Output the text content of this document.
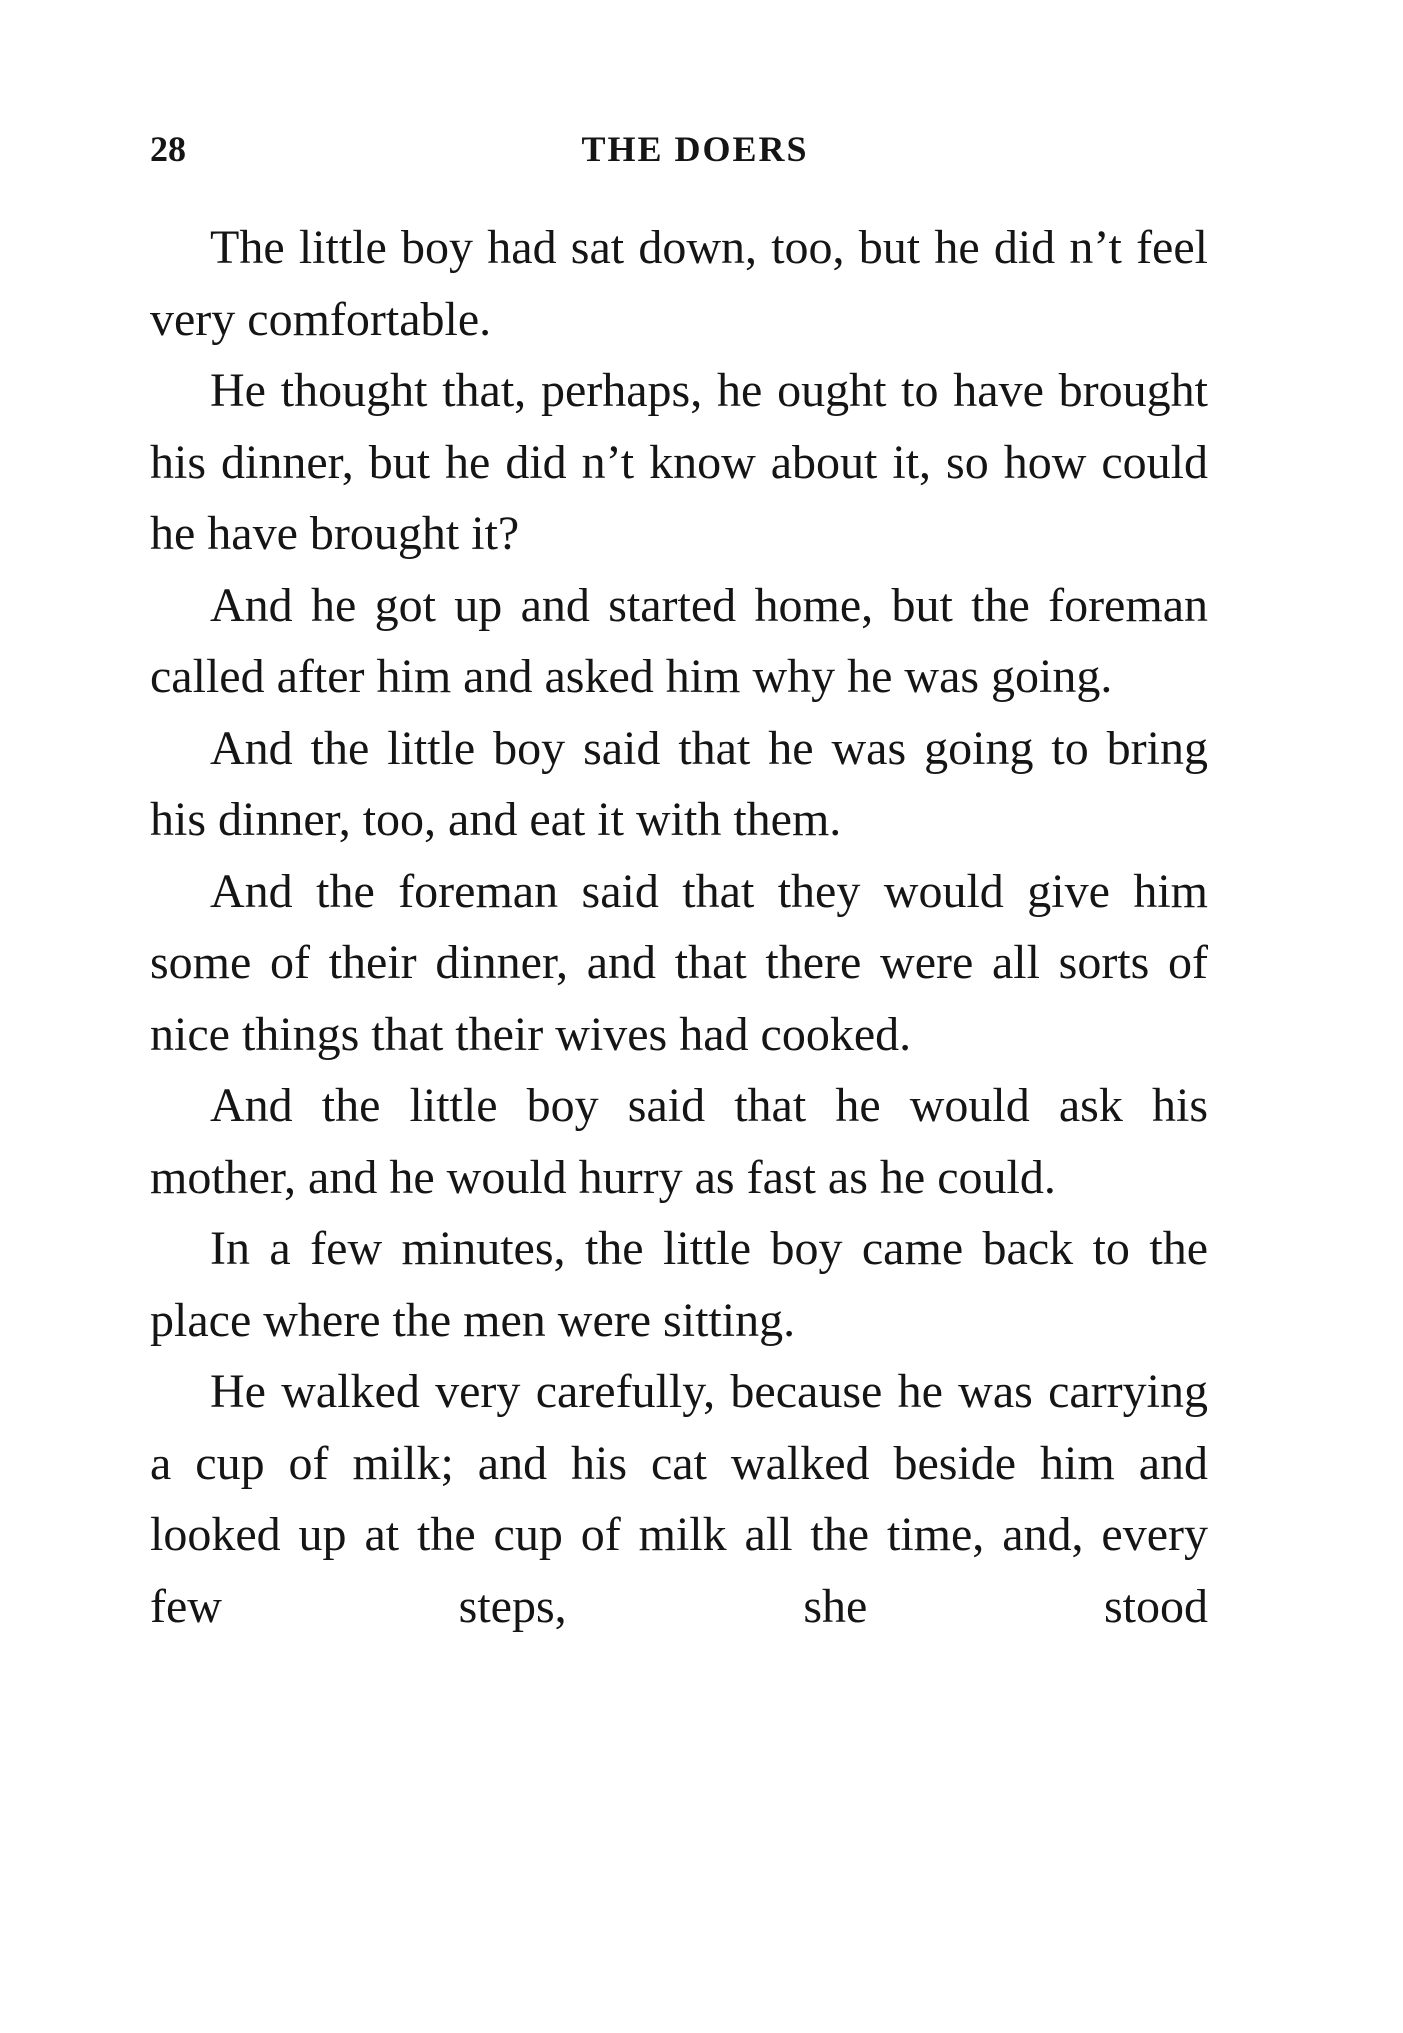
28	THE DOERS

The little boy had sat down, too, but he did n’t feel very comfortable.

He thought that, perhaps, he ought to have brought his dinner, but he did n’t know about it, so how could he have brought it?

And he got up and started home, but the foreman called after him and asked him why he was going.

And the little boy said that he was going to bring his dinner, too, and eat it with them.

And the foreman said that they would give him some of their dinner, and that there were all sorts of nice things that their wives had cooked.

And the little boy said that he would ask his mother, and he would hurry as fast as he could.

In a few minutes, the little boy came back to the place where the men were sitting.

He walked very carefully, because he was carrying a cup of milk; and his cat walked beside him and looked up at the cup of milk all the time, and, every few steps, she stood
